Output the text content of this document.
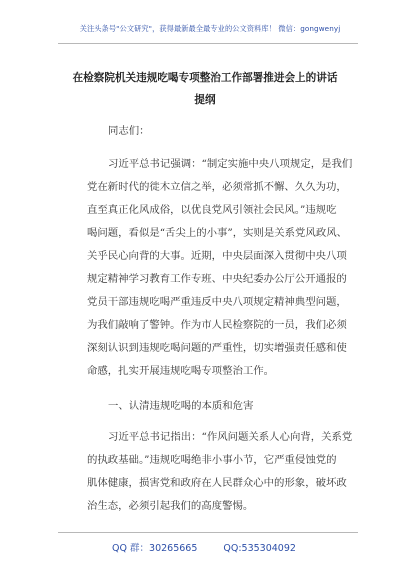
关注头条号"公文研究"，获得最新最全最专业的公文资料库！ 微信：gongwenyj
在检察院机关违规吃喝专项整治工作部署推进会上的讲话
提纲
同志们：
习近平总书记强调：“制定实施中央八项规定，是我们
党在新时代的徙木立信之举，必须常抓不懈、久久为功，
直至真正化风成俗，以优良党风引领社会民风。”违规吃
喝问题，看似是“舌尖上的小事”，实则是关系党风政风、
关乎民心向背的大事。近期，中央层面深入贯彻中央八项
规定精神学习教育工作专班、中央纪委办公厅公开通报的
党员干部违规吃喝严重违反中央八项规定精神典型问题，
为我们敲响了警钟。作为市人民检察院的一员，我们必须
深刻认识到违规吃喝问题的严重性，切实增强责任感和使
命感，扎实开展违规吃喝专项整治工作。
一、认清违规吃喝的本质和危害
习近平总书记指出：“作风问题关系人心向背，关系党
的执政基础。”违规吃喝绝非小事小节，它严重侵蚀党的
肌体健康，损害党和政府在人民群众心中的形象，破坏政
治生态，必须引起我们的高度警惕。
QQ 群：30265665	QQ:535304092
